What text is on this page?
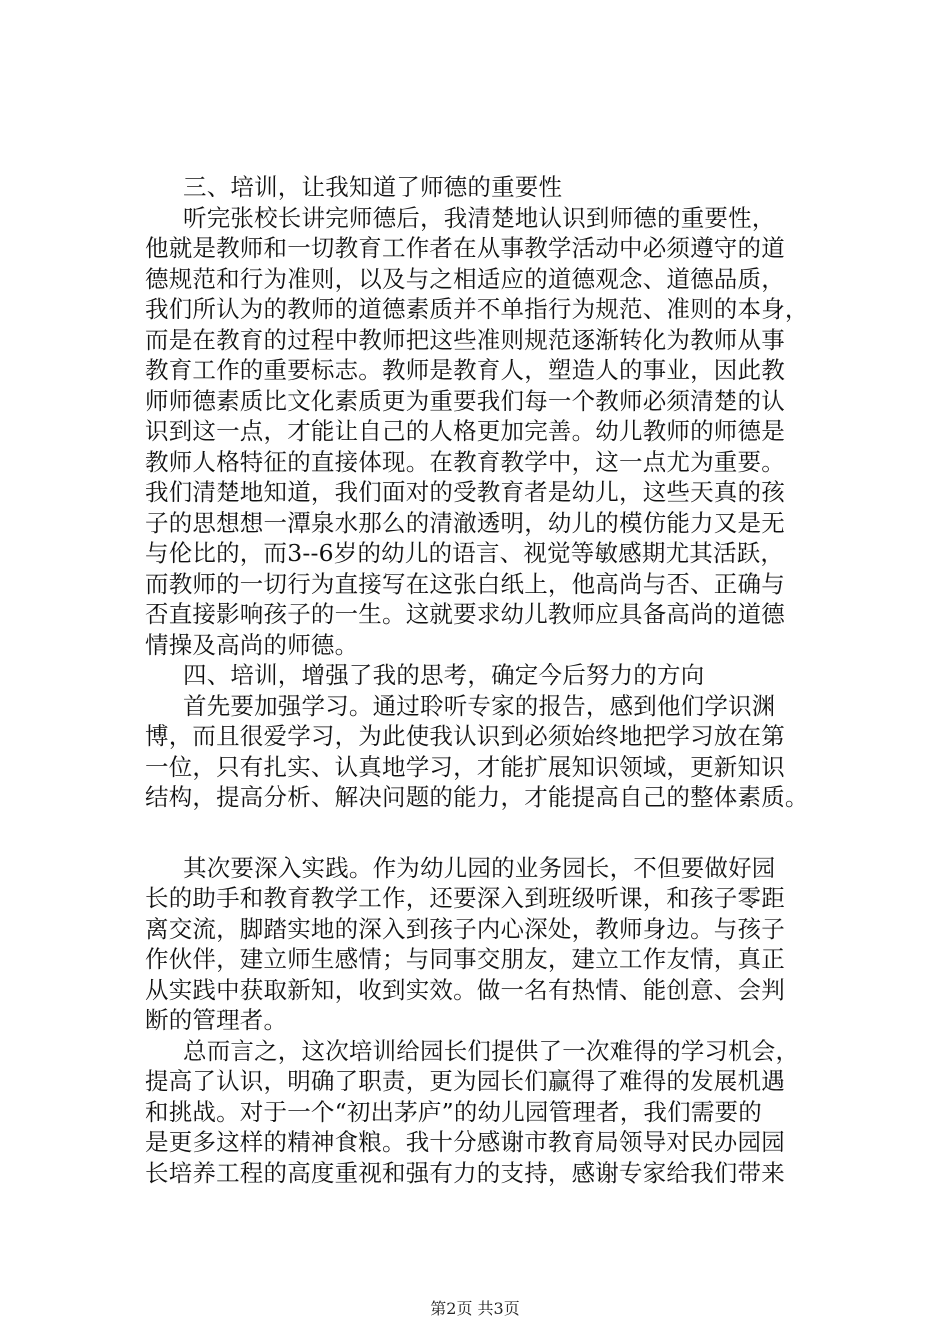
三、培训，让我知道了师德的重要性
听完张校长讲完师德后，我清楚地认识到师德的重要性，
他就是教师和一切教育工作者在从事教学活动中必须遵守的道
德规范和行为准则，以及与之相适应的道德观念、道德品质，
我们所认为的教师的道德素质并不单指行为规范、准则的本身，
而是在教育的过程中教师把这些准则规范逐渐转化为教师从事
教育工作的重要标志。教师是教育人，塑造人的事业，因此教
师师德素质比文化素质更为重要我们每一个教师必须清楚的认
识到这一点，才能让自己的人格更加完善。幼儿教师的师德是
教师人格特征的直接体现。在教育教学中，这一点尤为重要。
我们清楚地知道，我们面对的受教育者是幼儿，这些天真的孩
子的思想想一潭泉水那么的清澈透明，幼儿的模仿能力又是无
与伦比的，而3--6岁的幼儿的语言、视觉等敏感期尤其活跃，
而教师的一切行为直接写在这张白纸上，他高尚与否、正确与
否直接影响孩子的一生。这就要求幼儿教师应具备高尚的道德
情操及高尚的师德。
四、培训，增强了我的思考，确定今后努力的方向
首先要加强学习。通过聆听专家的报告，感到他们学识渊
博，而且很爱学习，为此使我认识到必须始终地把学习放在第
一位，只有扎实、认真地学习，才能扩展知识领域，更新知识
结构，提高分析、解决问题的能力，才能提高自己的整体素质。
其次要深入实践。作为幼儿园的业务园长，不但要做好园
长的助手和教育教学工作，还要深入到班级听课，和孩子零距
离交流，脚踏实地的深入到孩子内心深处，教师身边。与孩子
作伙伴，建立师生感情；与同事交朋友，建立工作友情，真正
从实践中获取新知，收到实效。做一名有热情、能创意、会判
断的管理者。
总而言之，这次培训给园长们提供了一次难得的学习机会，
提高了认识，明确了职责，更为园长们赢得了难得的发展机遇
和挑战。对于一个“初出茅庐”的幼儿园管理者，我们需要的
是更多这样的精神食粮。我十分感谢市教育局领导对民办园园
长培养工程的高度重视和强有力的支持，感谢专家给我们带来
第2页 共3页
